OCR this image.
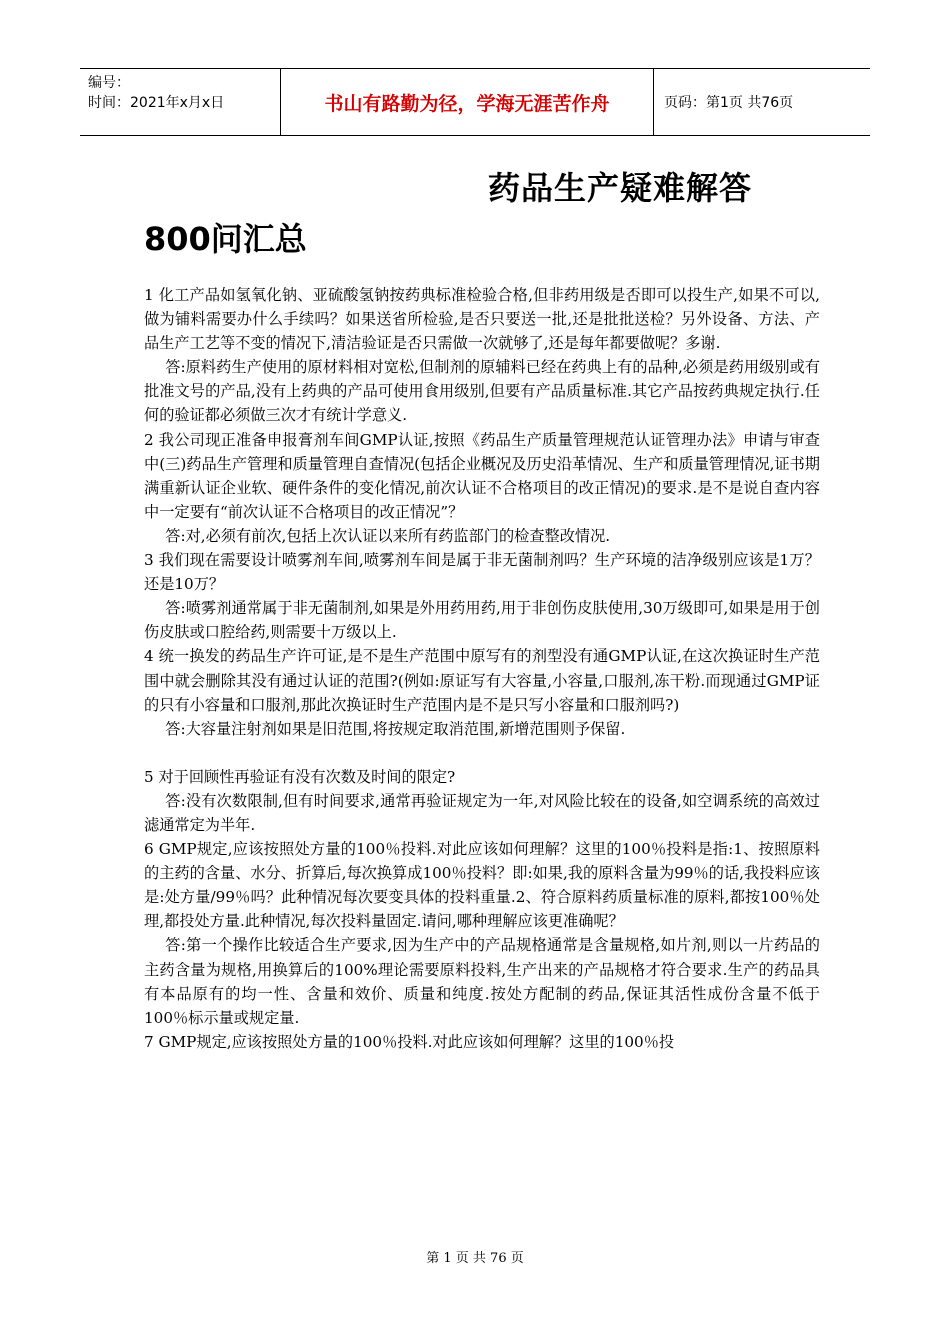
编号：
时间：2021年x月x日	书山有路勤为径，学海无涯苦作舟	页码：第1页 共76页
药品生产疑难解答
800问汇总

1 化工产品如氢氧化钠、亚硫酸氢钠按药典标准检验合格,但非药用级是否即可以投生产,如果不可以,做为铺料需要办什么手续吗？如果送省所检验,是否只要送一批,还是批批送检？另外设备、方法、产品生产工艺等不变的情况下,清洁验证是否只需做一次就够了,还是每年都要做呢？多谢.

答:原料药生产使用的原材料相对宽松,但制剂的原辅料已经在药典上有的品种,必须是药用级别或有批准文号的产品,没有上药典的产品可使用食用级别,但要有产品质量标准.其它产品按药典规定执行.任何的验证都必须做三次才有统计学意义.

2 我公司现正准备申报膏剂车间GMP认证,按照《药品生产质量管理规范认证管理办法》申请与审查中(三)药品生产管理和质量管理自查情况(包括企业概况及历史沿革情况、生产和质量管理情况,证书期满重新认证企业软、硬件条件的变化情况,前次认证不合格项目的改正情况)的要求.是不是说自查内容中一定要有“前次认证不合格项目的改正情况”？

答:对,必须有前次,包括上次认证以来所有药监部门的检查整改情况.

3 我们现在需要设计喷雾剂车间,喷雾剂车间是属于非无菌制剂吗？生产环境的洁净级别应该是1万？还是10万？

答:喷雾剂通常属于非无菌制剂,如果是外用药用药,用于非创伤皮肤使用,30万级即可,如果是用于创伤皮肤或口腔给药,则需要十万级以上.

4 统一换发的药品生产许可证,是不是生产范围中原写有的剂型没有通GMP认证,在这次换证时生产范围中就会删除其没有通过认证的范围?(例如:原证写有大容量,小容量,口服剂,冻干粉.而现通过GMP证的只有小容量和口服剂,那此次换证时生产范围内是不是只写小容量和口服剂吗?)

答:大容量注射剂如果是旧范围,将按规定取消范围,新增范围则予保留.

5 对于回顾性再验证有没有次数及时间的限定?

答:没有次数限制,但有时间要求,通常再验证规定为一年,对风险比较在的设备,如空调系统的高效过滤通常定为半年.

6 GMP规定,应该按照处方量的100％投料.对此应该如何理解？这里的100％投料是指:1、按照原料的主药的含量、水分、折算后,每次换算成100％投料？即:如果,我的原料含量为99％的话,我投料应该是:处方量/99％吗？此种情况每次要变具体的投料重量.2、符合原料药质量标准的原料,都按100％处理,都投处方量.此种情况,每次投料量固定.请问,哪种理解应该更准确呢？

答:第一个操作比较适合生产要求,因为生产中的产品规格通常是含量规格,如片剂,则以一片药品的主药含量为规格,用换算后的100%理论需要原料投料,生产出来的产品规格才符合要求.生产的药品具有本品原有的均一性、含量和效价、质量和纯度.按处方配制的药品,保证其活性成份含量不低于100％标示量或规定量.

7 GMP规定,应该按照处方量的100％投料.对此应该如何理解？这里的100％投

第 1 页 共 76 页
